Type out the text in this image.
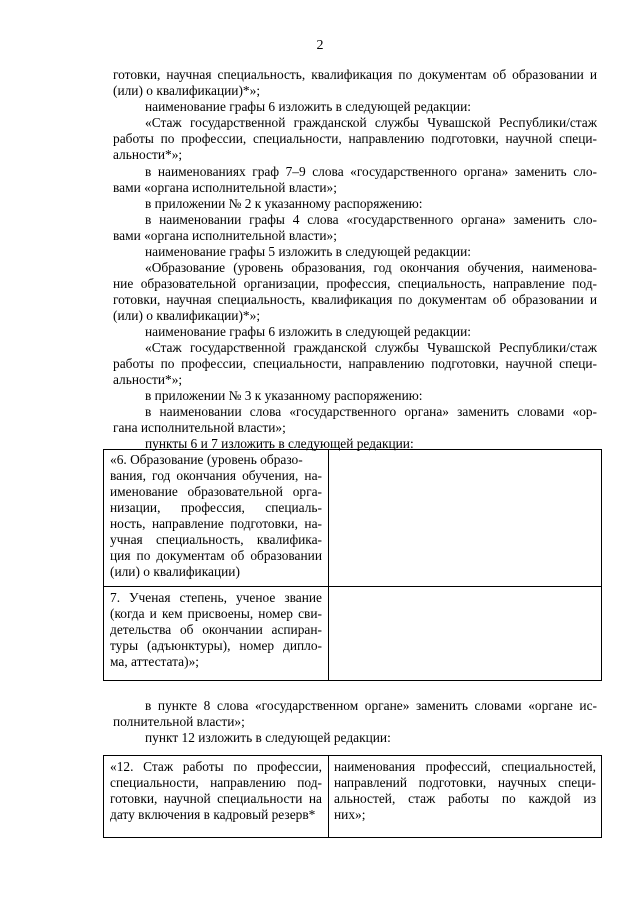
2
готовки, научная специальность, квалификация по документам об образовании и
(или) о квалификации)*»;
наименование графы 6 изложить в следующей редакции:
«Стаж государственной гражданской службы Чувашской Республики/стаж
работы по профессии, специальности, направлению подготовки, научной специ-
альности*»;
в наименованиях граф 7–9 слова «государственного органа» заменить сло-
вами «органа исполнительной власти»;
в приложении № 2 к указанному распоряжению:
в наименовании графы 4 слова «государственного органа» заменить сло-
вами «органа исполнительной власти»;
наименование графы 5 изложить в следующей редакции:
«Образование (уровень образования, год окончания обучения, наименова-
ние образовательной организации, профессия, специальность, направление под-
готовки, научная специальность, квалификация по документам об образовании и
(или) о квалификации)*»;
наименование графы 6 изложить в следующей редакции:
«Стаж государственной гражданской службы Чувашской Республики/стаж
работы по профессии, специальности, направлению подготовки, научной специ-
альности*»;
в приложении № 3 к указанному распоряжению:
в наименовании слова «государственного органа» заменить словами «ор-
гана исполнительной власти»;
пункты 6 и 7 изложить в следующей редакции:
«6. Образование (уровень образо-
вания, год окончания обучения, на-
именование образовательной орга-
низации, профессия, специаль-
ность, направление подготовки, на-
учная специальность, квалифика-
ция по документам об образовании
(или) о квалификации)
7. Ученая степень, ученое звание
(когда и кем присвоены, номер сви-
детельства об окончании аспиран-
туры (адъюнктуры), номер дипло-
ма, аттестата)»;
в пункте 8 слова «государственном органе» заменить словами «органе ис-
полнительной власти»;
пункт 12 изложить в следующей редакции:
«12. Стаж работы по профессии,
специальности, направлению под-
готовки, научной специальности на
дату включения в кадровый резерв*
наименования профессий, специальностей,
направлений подготовки, научных специ-
альностей, стаж работы по каждой из
них»;
